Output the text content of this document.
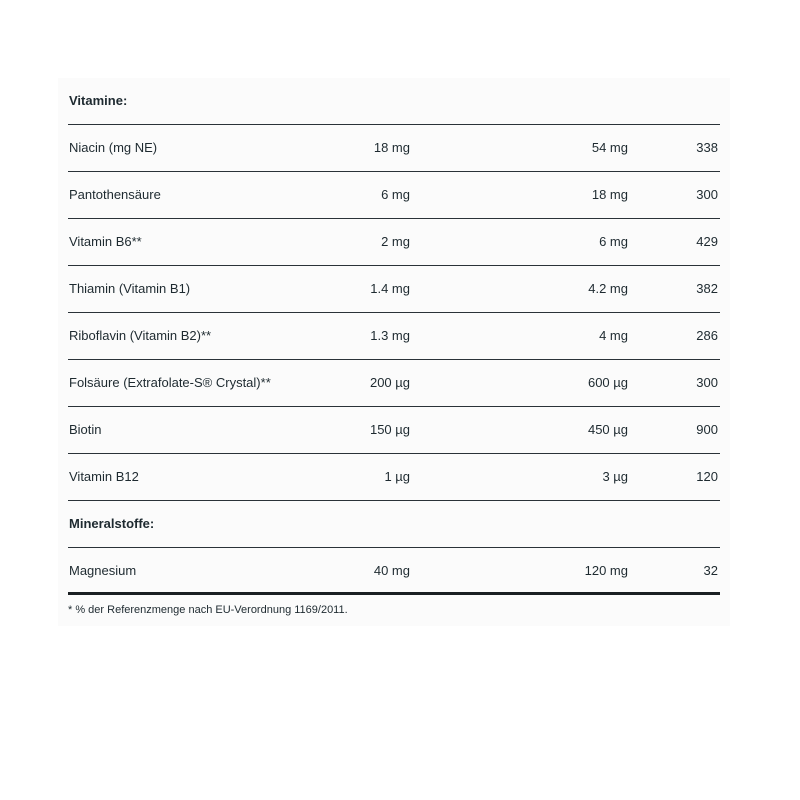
Vitamine:
Niacin (mg NE)	18 mg	54 mg	338
Pantothensäure	6 mg	18 mg	300
Vitamin B6**	2 mg	6 mg	429
Thiamin (Vitamin B1)	1.4 mg	4.2 mg	382
Riboflavin (Vitamin B2)**	1.3 mg	4 mg	286
Folsäure (Extrafolate-S® Crystal)**	200 µg	600 µg	300
Biotin	150 µg	450 µg	900
Vitamin B12	1 µg	3 µg	120
Mineralstoffe:
Magnesium	40 mg	120 mg	32
* % der Referenzmenge nach EU-Verordnung 1169/2011.
